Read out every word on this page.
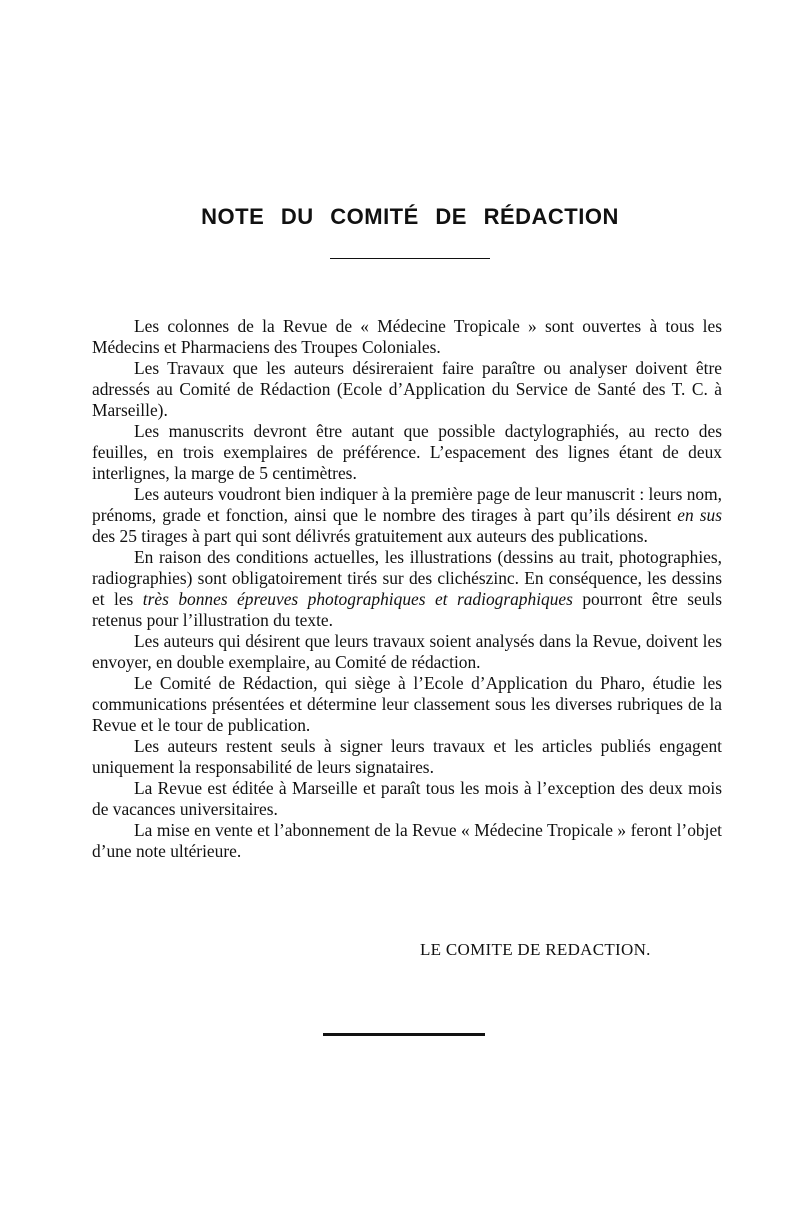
NOTE DU COMITÉ DE RÉDACTION

Les colonnes de la Revue de « Médecine Tropicale » sont ouvertes à tous les Médecins et Pharmaciens des Troupes Coloniales.

Les Travaux que les auteurs désireraient faire paraître ou analyser doivent être adressés au Comité de Rédaction (Ecole d’Application du Service de Santé des T. C. à Marseille).

Les manuscrits devront être autant que possible dactylographiés, au recto des feuilles, en trois exemplaires de préférence. L’espacement des lignes étant de deux interlignes, la marge de 5 centimètres.

Les auteurs voudront bien indiquer à la première page de leur manuscrit : leurs nom, prénoms, grade et fonction, ainsi que le nombre des tirages à part qu’ils désirent en sus des 25 tirages à part qui sont délivrés gratuitement aux auteurs des publications.

En raison des conditions actuelles, les illustrations (dessins au trait, photographies, radiographies) sont obligatoirement tirés sur des clichészinc. En conséquence, les dessins et les très bonnes épreuves photographiques et radiographiques pourront être seuls retenus pour l’illustration du texte.

Les auteurs qui désirent que leurs travaux soient analysés dans la Revue, doivent les envoyer, en double exemplaire, au Comité de rédaction.

Le Comité de Rédaction, qui siège à l’Ecole d’Application du Pharo, étudie les communications présentées et détermine leur classement sous les diverses rubriques de la Revue et le tour de publication.

Les auteurs restent seuls à signer leurs travaux et les articles publiés engagent uniquement la responsabilité de leurs signataires.

La Revue est éditée à Marseille et paraît tous les mois à l’exception des deux mois de vacances universitaires.

La mise en vente et l’abonnement de la Revue « Médecine Tropicale » feront l’objet d’une note ultérieure.

LE COMITE DE REDACTION.
